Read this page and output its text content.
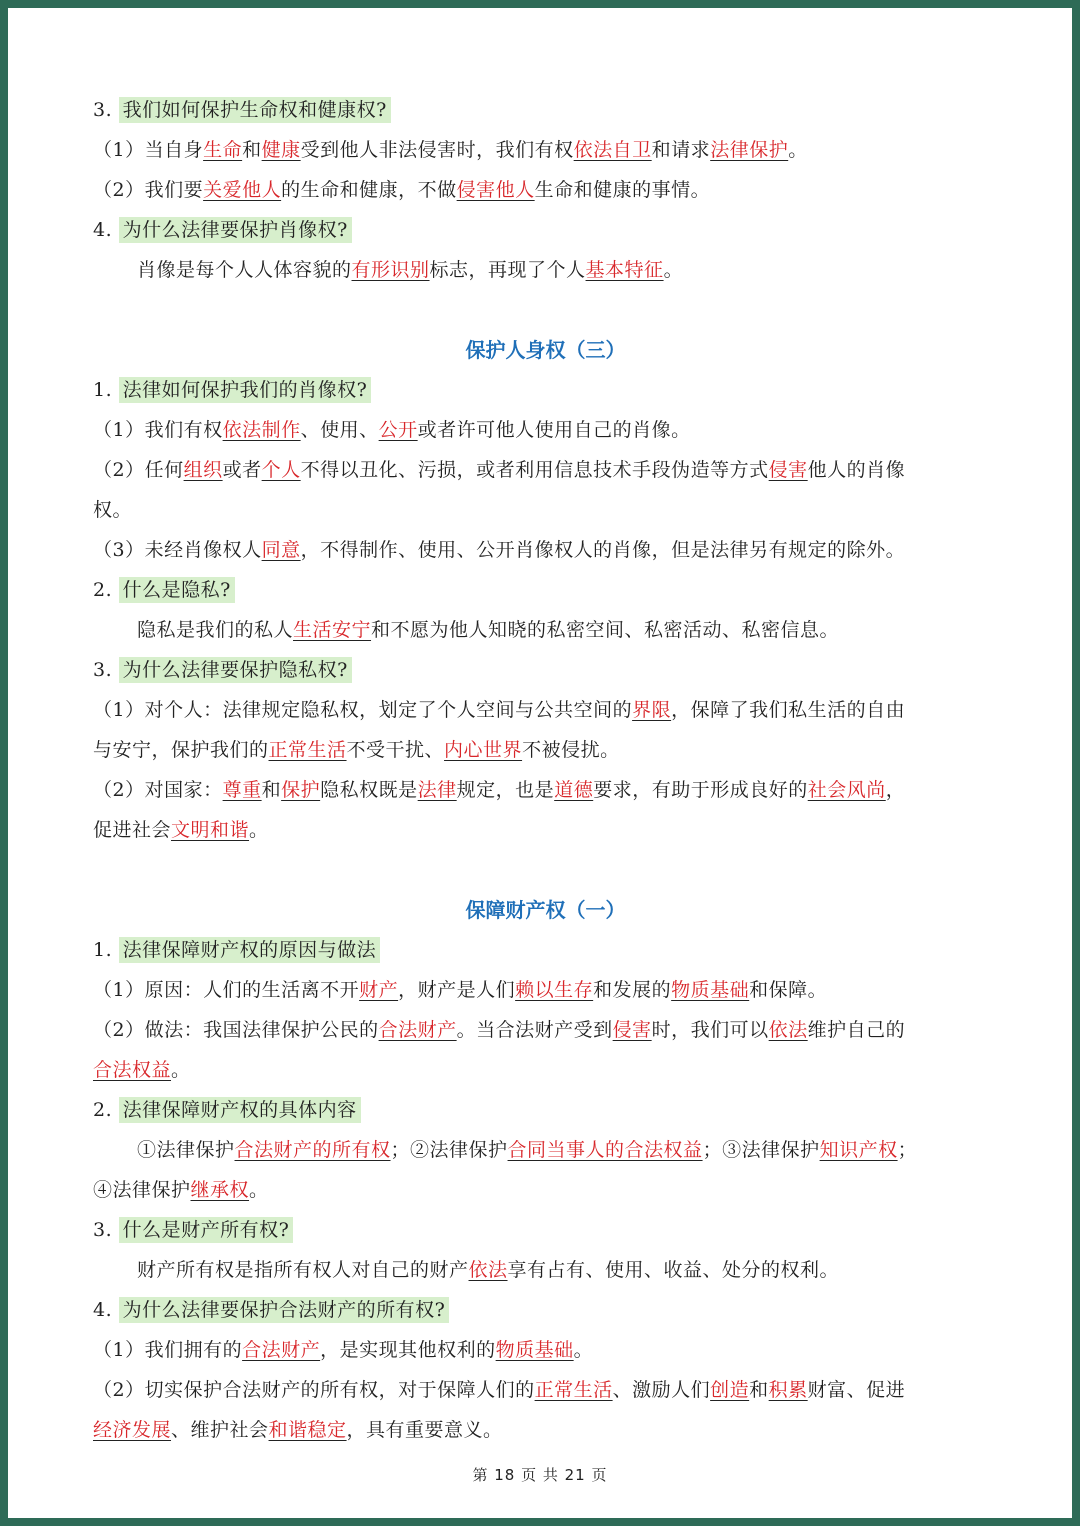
3. 我们如何保护生命权和健康权?
（1）当自身生命和健康受到他人非法侵害时，我们有权依法自卫和请求法律保护。
（2）我们要关爱他人的生命和健康，不做侵害他人生命和健康的事情。
4. 为什么法律要保护肖像权?
肖像是每个人人体容貌的有形识别标志，再现了个人基本特征。
保护人身权（三）
1. 法律如何保护我们的肖像权?
（1）我们有权依法制作、使用、公开或者许可他人使用自己的肖像。
（2）任何组织或者个人不得以丑化、污损，或者利用信息技术手段伪造等方式侵害他人的肖像
权。
（3）未经肖像权人同意，不得制作、使用、公开肖像权人的肖像，但是法律另有规定的除外。
2. 什么是隐私?
隐私是我们的私人生活安宁和不愿为他人知晓的私密空间、私密活动、私密信息。
3. 为什么法律要保护隐私权?
（1）对个人：法律规定隐私权，划定了个人空间与公共空间的界限，保障了我们私生活的自由
与安宁，保护我们的正常生活不受干扰、内心世界不被侵扰。
（2）对国家：尊重和保护隐私权既是法律规定，也是道德要求，有助于形成良好的社会风尚，
促进社会文明和谐。
保障财产权（一）
1. 法律保障财产权的原因与做法
（1）原因：人们的生活离不开财产，财产是人们赖以生存和发展的物质基础和保障。
（2）做法：我国法律保护公民的合法财产。当合法财产受到侵害时，我们可以依法维护自己的
合法权益。
2. 法律保障财产权的具体内容
①法律保护合法财产的所有权；②法律保护合同当事人的合法权益；③法律保护知识产权；
④法律保护继承权。
3. 什么是财产所有权?
财产所有权是指所有权人对自己的财产依法享有占有、使用、收益、处分的权利。
4. 为什么法律要保护合法财产的所有权?
（1）我们拥有的合法财产，是实现其他权利的物质基础。
（2）切实保护合法财产的所有权，对于保障人们的正常生活、激励人们创造和积累财富、促进
经济发展、维护社会和谐稳定，具有重要意义。
第 18 页 共 21 页
